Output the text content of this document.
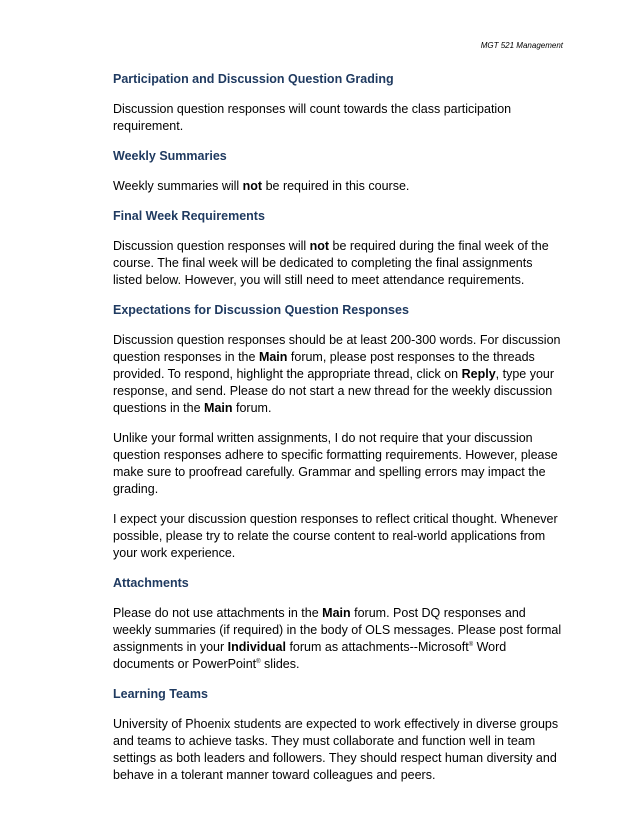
MGT 521 Management

Participation and Discussion Question Grading

Discussion question responses will count towards the class participation requirement.

Weekly Summaries

Weekly summaries will not be required in this course.

Final Week Requirements

Discussion question responses will not be required during the final week of the course. The final week will be dedicated to completing the final assignments listed below. However, you will still need to meet attendance requirements.

Expectations for Discussion Question Responses

Discussion question responses should be at least 200-300 words. For discussion question responses in the Main forum, please post responses to the threads provided. To respond, highlight the appropriate thread, click on Reply, type your response, and send. Please do not start a new thread for the weekly discussion questions in the Main forum.

Unlike your formal written assignments, I do not require that your discussion question responses adhere to specific formatting requirements. However, please make sure to proofread carefully. Grammar and spelling errors may impact the grading.

I expect your discussion question responses to reflect critical thought. Whenever possible, please try to relate the course content to real-world applications from your work experience.

Attachments

Please do not use attachments in the Main forum. Post DQ responses and weekly summaries (if required) in the body of OLS messages. Please post formal assignments in your Individual forum as attachments--Microsoft® Word documents or PowerPoint® slides.

Learning Teams

University of Phoenix students are expected to work effectively in diverse groups and teams to achieve tasks. They must collaborate and function well in team settings as both leaders and followers. They should respect human diversity and behave in a tolerant manner toward colleagues and peers.
